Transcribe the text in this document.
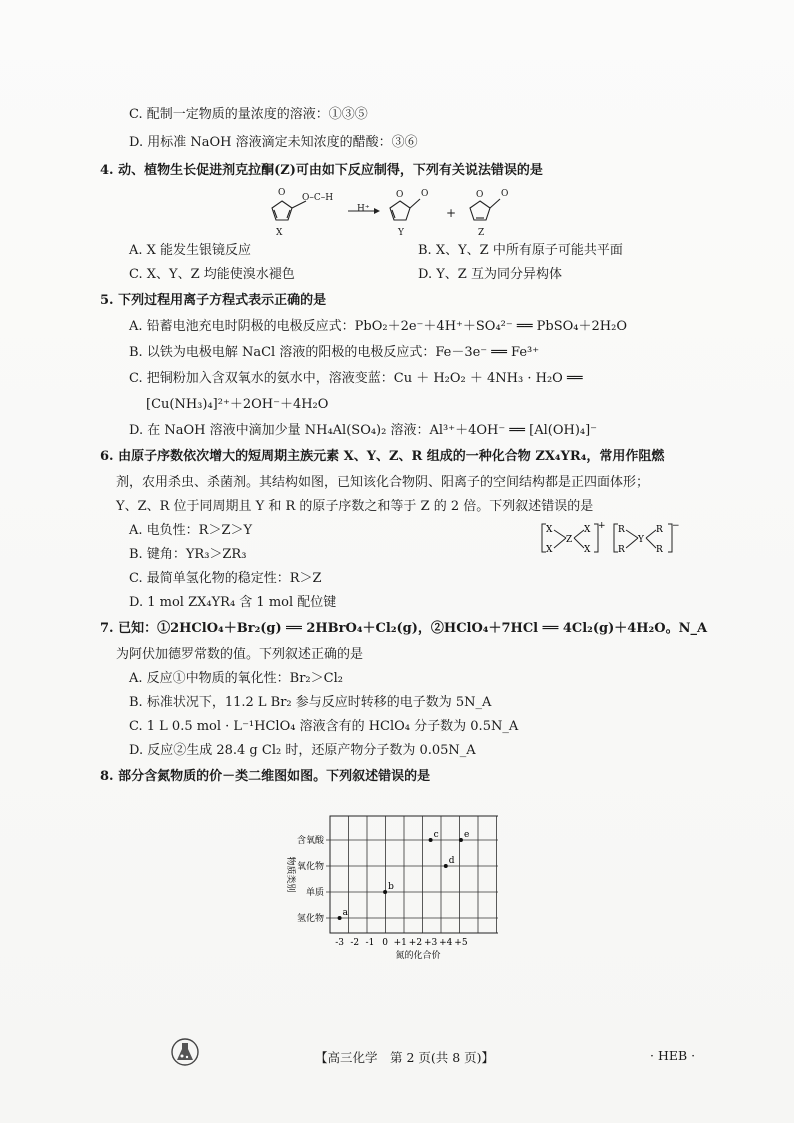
C. 配制一定物质的量浓度的溶液：①③⑤
D. 用标准 NaOH 溶液滴定未知浓度的醋酸：③⑥
4. 动、植物生长促进剂克拉酮(Z)可由如下反应制得，下列有关说法错误的是
O O–C–H
X
H⁺
O O
Y
+
O O
Z
A. X 能发生银镜反应	B. X、Y、Z 中所有原子可能共平面
C. X、Y、Z 均能使溴水褪色	D. Y、Z 互为同分异构体
5. 下列过程用离子方程式表示正确的是
A. 铅蓄电池充电时阴极的电极反应式：PbO₂＋2e⁻＋4H⁺＋SO₄²⁻ ══ PbSO₄＋2H₂O
B. 以铁为电极电解 NaCl 溶液的阳极的电极反应式：Fe－3e⁻ ══ Fe³⁺
C. 把铜粉加入含双氧水的氨水中，溶液变蓝：Cu ＋ H₂O₂ ＋ 4NH₃ · H₂O ══
[Cu(NH₃)₄]²⁺＋2OH⁻＋4H₂O
D. 在 NaOH 溶液中滴加少量 NH₄Al(SO₄)₂ 溶液：Al³⁺＋4OH⁻ ══ [Al(OH)₄]⁻
6. 由原子序数依次增大的短周期主族元素 X、Y、Z、R 组成的一种化合物 ZX₄YR₄，常用作阻燃
剂，农用杀虫、杀菌剂。其结构如图，已知该化合物阴、阳离子的空间结构都是正四面体形；
Y、Z、R 位于同周期且 Y 和 R 的原子序数之和等于 Z 的 2 倍。下列叙述错误的是
A. 电负性：R＞Z＞Y
B. 键角：YR₃＞ZR₃
C. 最简单氢化物的稳定性：R＞Z
D. 1 mol ZX₄YR₄ 含 1 mol 配位键
X
X
Z
X
X
+ R
R
Y
R
R
−
7. 已知：①2HClO₄＋Br₂(g) ══ 2HBrO₄＋Cl₂(g)，②HClO₄＋7HCl ══ 4Cl₂(g)＋4H₂O。N_A
为阿伏加德罗常数的值。下列叙述正确的是
A. 反应①中物质的氧化性：Br₂＞Cl₂
B. 标准状况下，11.2 L Br₂ 参与反应时转移的电子数为 5N_A
C. 1 L 0.5 mol · L⁻¹HClO₄ 溶液含有的 HClO₄ 分子数为 0.5N_A
D. 反应②生成 28.4 g Cl₂ 时，还原产物分子数为 0.05N_A
8. 部分含氮物质的价－类二维图如图。下列叙述错误的是
氢化物
单质
氧化物
含氧酸
-3 -2 -1 0 +1 +2 +3 +4 +5
氮的化合价
物质类别
a
b
c
d
e
【高三化学　第 2 页(共 8 页)】	· HEB ·
